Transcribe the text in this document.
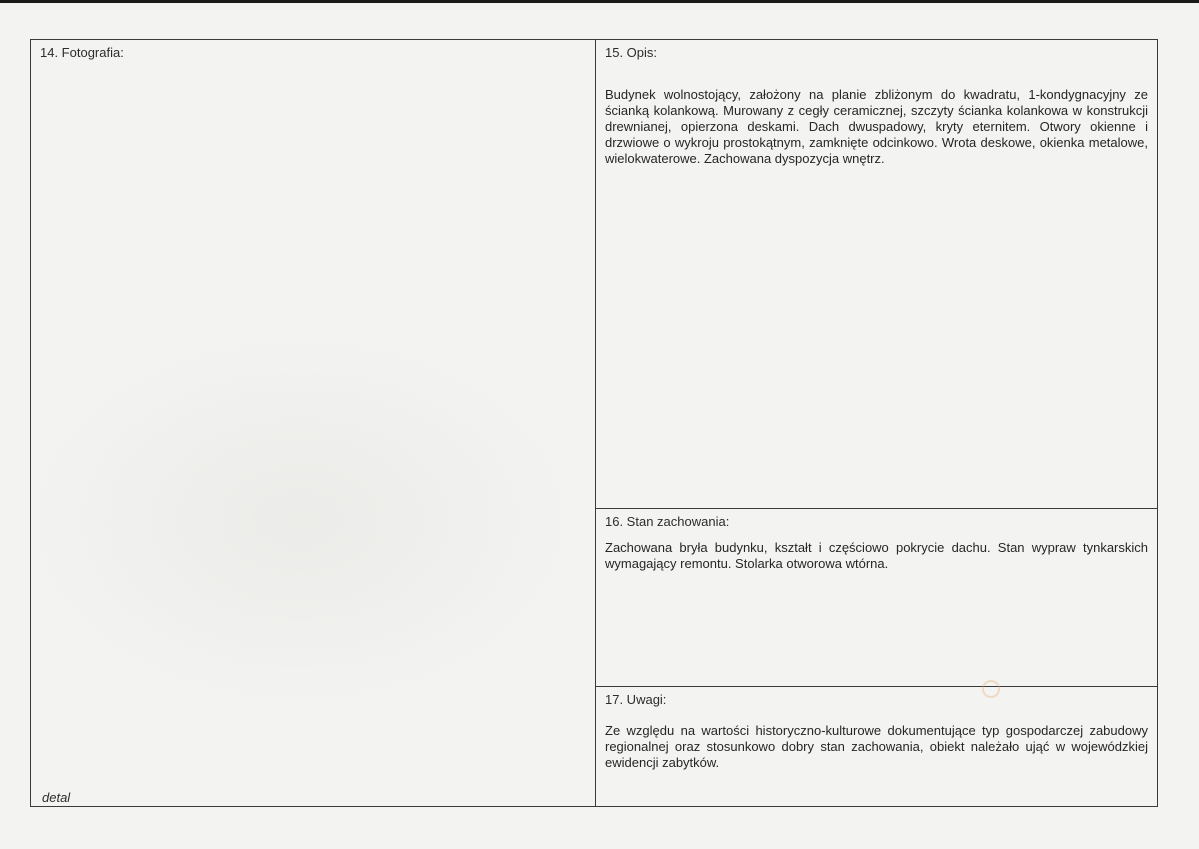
14. Fotografia:
detal
15. Opis:
Budynek wolnostojący, założony na planie zbliżonym do kwadratu, 1-kondygnacyjny ze ścianką kolankową. Murowany z cegły ceramicznej, szczyty ścianka kolankowa w konstrukcji drewnianej, opierzona deskami. Dach dwuspadowy, kryty eternitem. Otwory okienne i drzwiowe o wykroju prostokątnym, zamknięte odcinkowo. Wrota deskowe, okienka metalowe, wielokwaterowe. Zachowana dyspozycja wnętrz.
16. Stan zachowania:
Zachowana bryła budynku, kształt i częściowo pokrycie dachu. Stan wypraw tynkarskich wymagający remontu. Stolarka otworowa wtórna.
17. Uwagi:
Ze względu na wartości historyczno-kulturowe dokumentujące typ gospodarczej zabudowy regionalnej oraz stosunkowo dobry stan zachowania, obiekt należało ująć w wojewódzkiej ewidencji zabytków.
